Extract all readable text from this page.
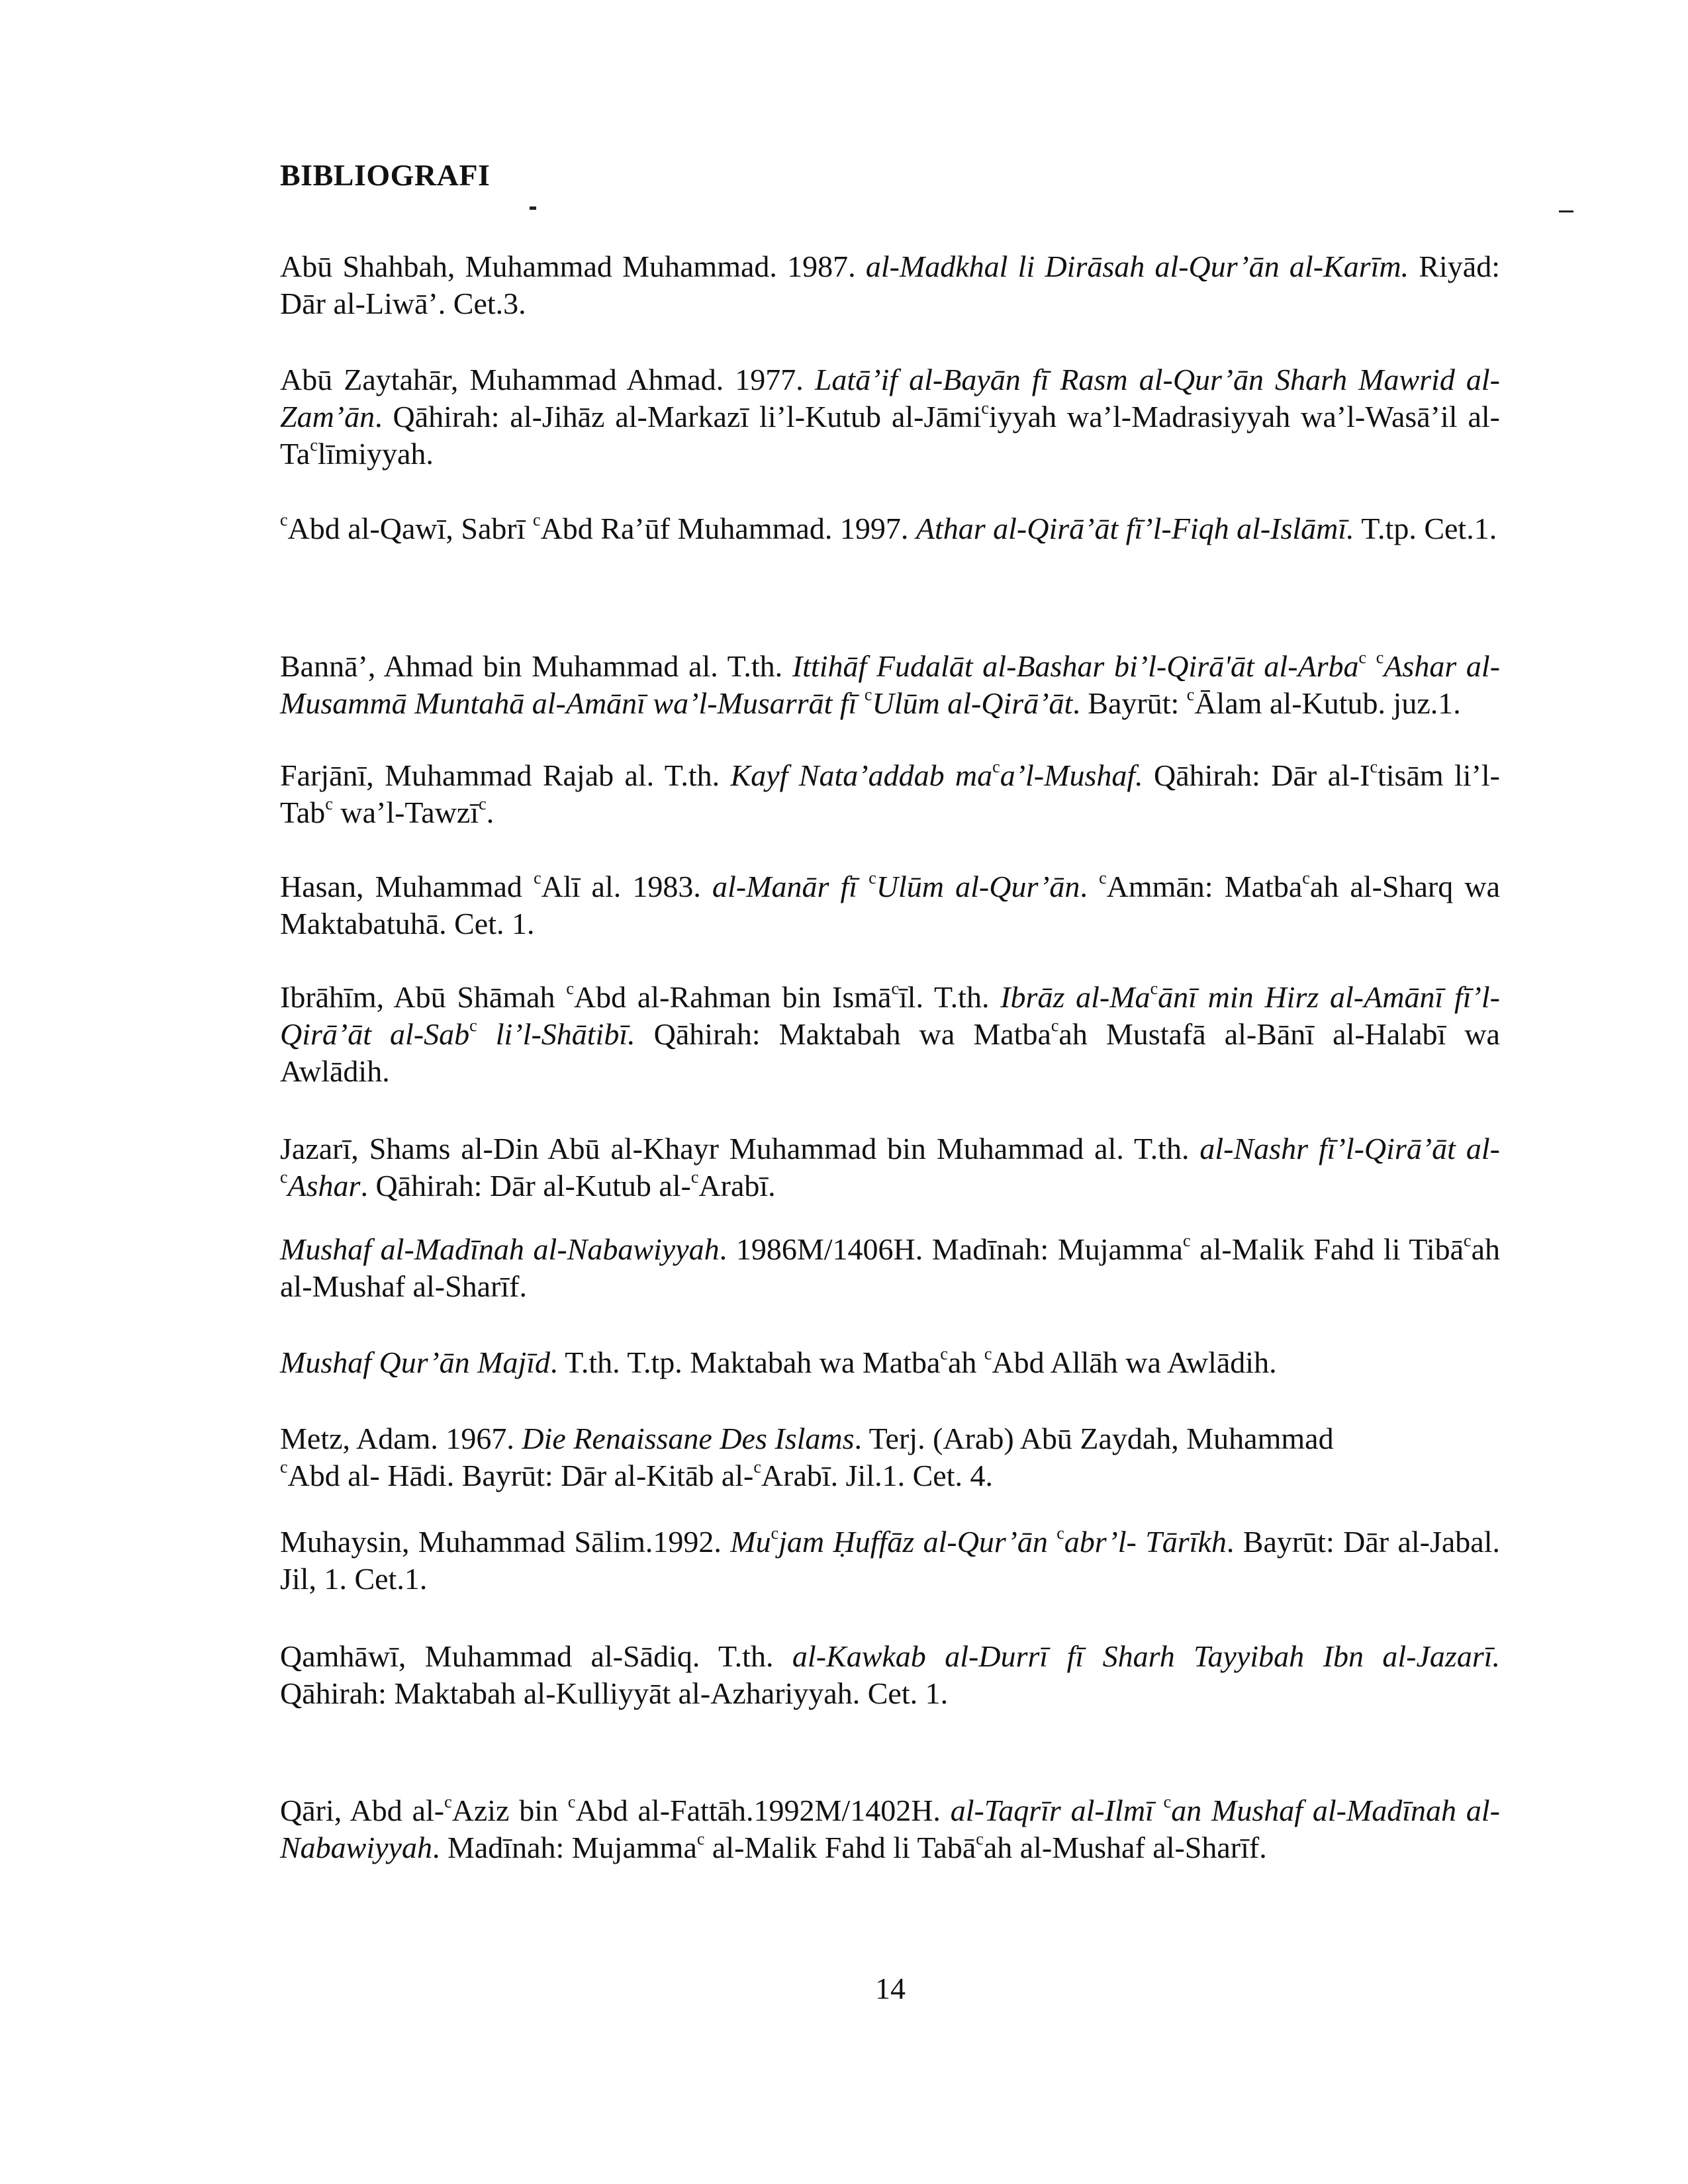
BIBLIOGRAFI
Abū Shahbah, Muhammad Muhammad. 1987. al-Madkhal li Dirāsah al-Qur’ān al-Karīm. Riyād: Dār al-Liwā’. Cet.3.
Abū Zaytahār, Muhammad Ahmad. 1977. Latā’if al-Bayān fī Rasm al-Qur’ān Sharh Mawrid al-Zam’ān. Qāhirah: al-Jihāz al-Markazī li’l-Kutub al-Jāmi$^c$iyyah wa’l-Madrasiyyah wa’l-Wasā’il al-Ta$^c$līmiyyah.
$^c$Abd al-Qawī, Sabrī $^c$Abd Ra’ūf Muhammad. 1997. Athar al-Qirā’āt fī’l-Fiqh al-Islāmī. T.tp. Cet.1.
Bannā’, Ahmad bin Muhammad al. T.th. Ittihāf Fudalāt al-Bashar bi’l-Qirā'āt al-Arba$^c$ $^c$Ashar al-Musammā Muntahā al-Amānī wa’l-Musarrāt fī $^c$Ulūm al-Qirā’āt. Bayrūt: $^c$Ālam al-Kutub. juz.1.
Farjānī, Muhammad Rajab al. T.th. Kayf Nata’addab $ma^ca’l$-Mushaf. Qāhirah: Dār $al-I^ctisām$ li’l-Tab$^c$ wa’l-Tawzī$^c$.
Hasan, Muhammad $^c$Alī al. 1983. al-Manār fī $^c$Ulūm al-Qur’ān. $^c$Ammān: Matba$^c$ah al-Sharq wa Maktabatuhā. Cet. 1.
Ibrāhīm, Abū Shāmah $^c$Abd al-Rahman bin Ismā$^c$īl. T.th. Ibrāz al-Ma$^c$ānī min Hirz al-Amānī fī’l-Qirā’āt al-Sab$^c$ li’l-Shātibī. Qāhirah: Maktabah wa Matba$^c$ah Mustafā al-Bānī al-Halabī wa Awlādih.
Jazarī, Shams al-Din Abū al-Khayr Muhammad bin Muhammad al. T.th. al-Nashr fī’l-Qirā’āt al-$^c$Ashar. Qāhirah: Dār al-Kutub al-$^c$Arabī.
Mushaf al-Madīnah al-Nabawiyyah. 1986M/1406H. Madīnah: Mujamma$^c$ al-Malik Fahd li Tibā$^c$ah al-Mushaf al-Sharīf.
Mushaf Qur’ān Majīd. T.th. T.tp. Maktabah wa Matba$^c$ah $^c$Abd Allāh wa Awlādih.
Metz, Adam. 1967. Die Renaissane Des Islams. Terj. (Arab) Abū Zaydah, Muhammad
$^c$Abd al- Hādi. Bayrūt: Dār al-Kitāb al-$^c$Arabī. Jil.1. Cet. 4.
Muhaysin, Muhammad Sālim.1992. Mu$^c$jam Ḥuffāz al-Qur’ān $^c$abr’l- Tārīkh. Bayrūt: Dār al-Jabal. Jil, 1. Cet.1.
Qamhāwī, Muhammad al-Sādiq. T.th. al-Kawkab al-Durrī fī Sharh Tayyibah Ibn al-Jazarī. Qāhirah: Maktabah al-Kulliyyāt al-Azhariyyah. Cet. 1.
Qāri, Abd al-$^c$Aziz bin $^c$Abd al-Fattāh.1992M/1402H. al-Taqrīr al-Ilmī $^c$an Mushaf al-Madīnah al-Nabawiyyah. Madīnah: Mujamma$^c$ al-Malik Fahd li Tabā$^c$ah al-Mushaf al-Sharīf.
14
